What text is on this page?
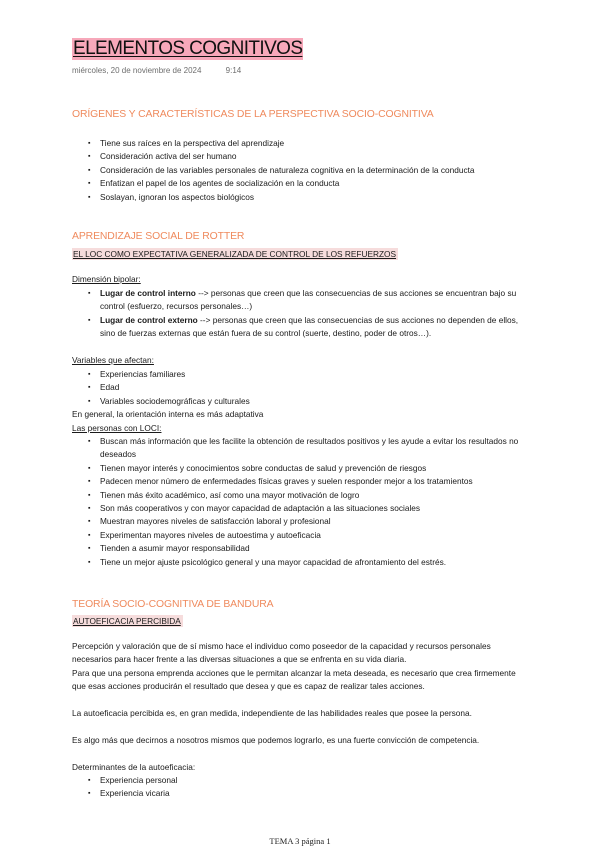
ELEMENTOS COGNITIVOS
miércoles, 20 de noviembre de 2024	9:14
ORÍGENES Y CARACTERÍSTICAS DE LA PERSPECTIVA SOCIO-COGNITIVA
▪ Tiene sus raíces en la perspectiva del aprendizaje
▪ Consideración activa del ser humano
▪ Consideración de las variables personales de naturaleza cognitiva en la determinación de la conducta
▪ Enfatizan el papel de los agentes de socialización en la conducta
▪ Soslayan, ignoran los aspectos biológicos
APRENDIZAJE SOCIAL DE ROTTER
EL LOC COMO EXPECTATIVA GENERALIZADA DE CONTROL DE LOS REFUERZOS
Dimensión bipolar:
▪ Lugar de control interno --> personas que creen que las consecuencias de sus acciones se encuentran bajo su control (esfuerzo, recursos personales…)
▪ Lugar de control externo --> personas que creen que las consecuencias de sus acciones no dependen de ellos, sino de fuerzas externas que están fuera de su control (suerte, destino, poder de otros…).
Variables que afectan:
▪ Experiencias familiares
▪ Edad
▪ Variables sociodemográficas y culturales
En general, la orientación interna es más adaptativa
Las personas con LOCI:
▪ Buscan más información que les facilite la obtención de resultados positivos y les ayude a evitar los resultados no deseados
▪ Tienen mayor interés y conocimientos sobre conductas de salud y prevención de riesgos
▪ Padecen menor número de enfermedades físicas graves y suelen responder mejor a los tratamientos
▪ Tienen más éxito académico, así como una mayor motivación de logro
▪ Son más cooperativos y con mayor capacidad de adaptación a las situaciones sociales
▪ Muestran mayores niveles de satisfacción laboral y profesional
▪ Experimentan mayores niveles de autoestima y autoeficacia
▪ Tienden a asumir mayor responsabilidad
▪ Tiene un mejor ajuste psicológico general y una mayor capacidad de afrontamiento del estrés.
TEORÍA SOCIO-COGNITIVA DE BANDURA
AUTOEFICACIA PERCIBIDA
Percepción y valoración que de sí mismo hace el individuo como poseedor de la capacidad y recursos personales necesarios para hacer frente a las diversas situaciones a que se enfrenta en su vida diaria.
Para que una persona emprenda acciones que le permitan alcanzar la meta deseada, es necesario que crea firmemente que esas acciones producirán el resultado que desea y que es capaz de realizar tales acciones.
La autoeficacia percibida es, en gran medida, independiente de las habilidades reales que posee la persona.
Es algo más que decirnos a nosotros mismos que podemos lograrlo, es una fuerte convicción de competencia.
Determinantes de la autoeficacia:
▪ Experiencia personal
▪ Experiencia vicaria
TEMA 3 página 1
